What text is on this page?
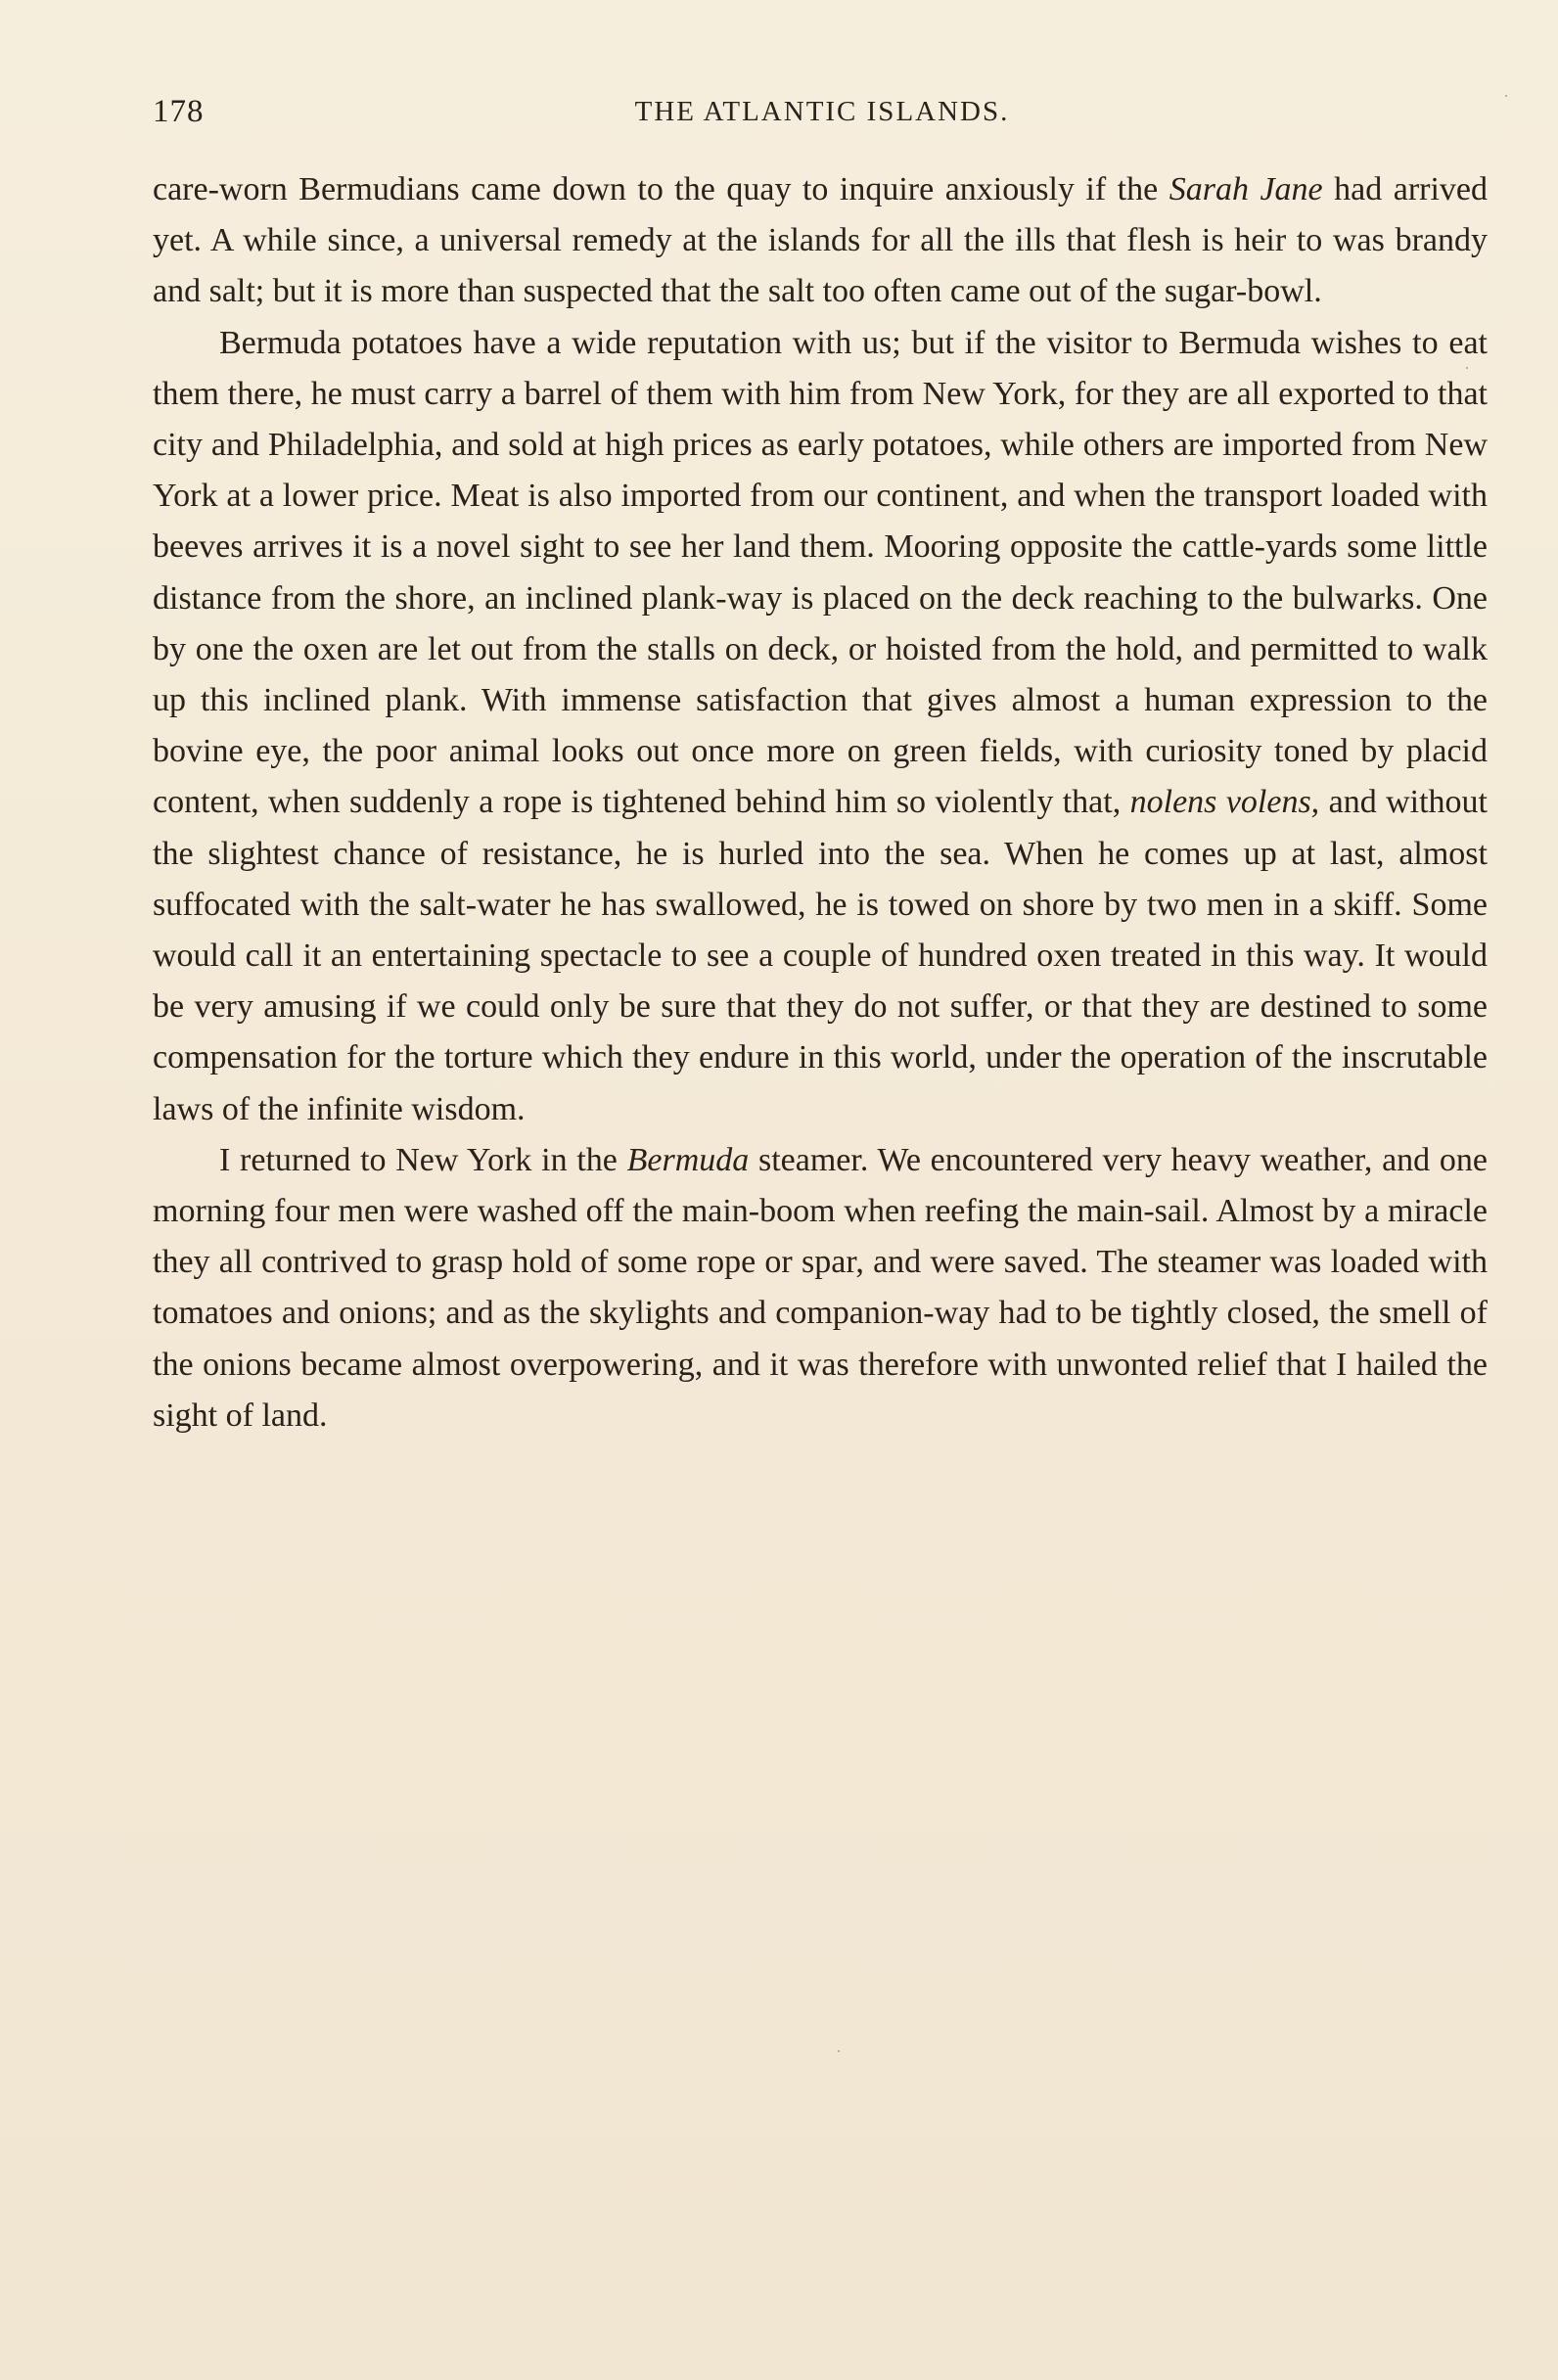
178	THE ATLANTIC ISLANDS.	·
·
·

care-worn Bermudians came down to the quay to inquire anxiously if the Sarah Jane had arrived yet. A while since, a universal remedy at the islands for all the ills that flesh is heir to was brandy and salt; but it is more than suspected that the salt too often came out of the sugar-bowl.

Bermuda potatoes have a wide reputation with us; but if the visitor to Bermuda wishes to eat them there, he must carry a barrel of them with him from New York, for they are all exported to that city and Philadelphia, and sold at high prices as early potatoes, while others are imported from New York at a lower price. Meat is also imported from our continent, and when the transport loaded with beeves arrives it is a novel sight to see her land them. Mooring opposite the cattle-yards some little distance from the shore, an inclined plank-way is placed on the deck reaching to the bulwarks. One by one the oxen are let out from the stalls on deck, or hoisted from the hold, and permitted to walk up this inclined plank. With immense satisfaction that gives almost a human expression to the bovine eye, the poor animal looks out once more on green fields, with curiosity toned by placid content, when suddenly a rope is tightened behind him so violently that, nolens volens, and without the slightest chance of resistance, he is hurled into the sea. When he comes up at last, almost suffocated with the salt-water he has swallowed, he is towed on shore by two men in a skiff. Some would call it an entertaining spectacle to see a couple of hundred oxen treated in this way. It would be very amusing if we could only be sure that they do not suffer, or that they are destined to some compensation for the torture which they endure in this world, under the operation of the inscrutable laws of the infinite wisdom.

I returned to New York in the Bermuda steamer. We encountered very heavy weather, and one morning four men were washed off the main-boom when reefing the main-sail. Almost by a miracle they all contrived to grasp hold of some rope or spar, and were saved. The steamer was loaded with tomatoes and onions; and as the skylights and companion-way had to be tightly closed, the smell of the onions became almost overpowering, and it was therefore with unwonted relief that I hailed the sight of land.
